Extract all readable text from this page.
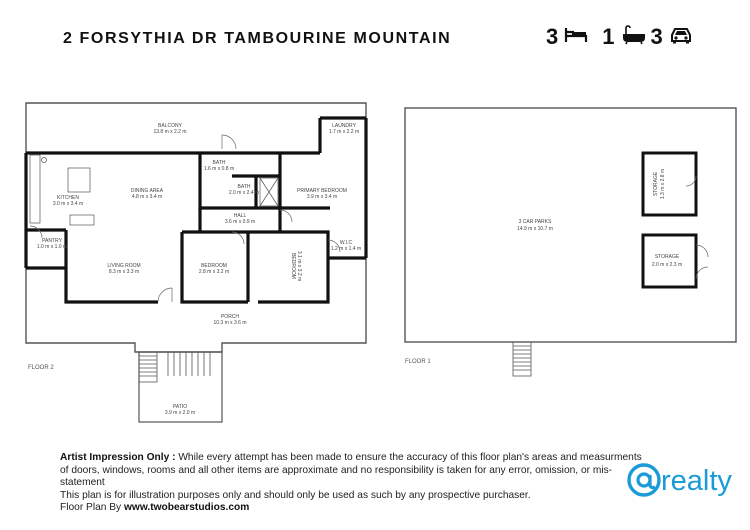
2 FORSYTHIA DR TAMBOURINE MOUNTAIN	3 1 3
BALCONY
13.8 m x 2.2 m
LAUNDRY
1.7 m x 2.2 m
BATH
1.6 m x 0.8 m
BATH
2.0 m x 2.4 m
KITCHEN
3.0 m x 3.4 m
DINING AREA
4.8 m x 3.4 m
PRIMARY BEDROOM
3.9 m x 3.4 m
HALL
3.6 m x 0.9 m
PANTRY
1.0 m x 1.0 m
LIVING ROOM
8.3 m x 3.3 m
BEDROOM
2.8 m x 3.2 m	BEDROOM 3.1 m x 3.2 m
W.I.C
1.2 m x 1.4 m
PORCH
10.3 m x 3.6 m
PATIO
3.9 m x 2.0 m
FLOOR 2
3 CAR PARKS
14.9 m x 10.7 m
STORAGE 1.3 m x 2.8 m
STORAGE
2.0 m x 2.3 m
FLOOR 1
Artist Impression Only : While every attempt has been made to ensure the accuracy of this floor plan's areas and measurments
of doors, windows, rooms and all other items are approximate and no responsibility is taken for any error, omission, or mis-statement
This plan is for illustration purposes only and should only be used as such by any prospective purchaser.
Floor Plan By www.twobearstudios.com
realty
